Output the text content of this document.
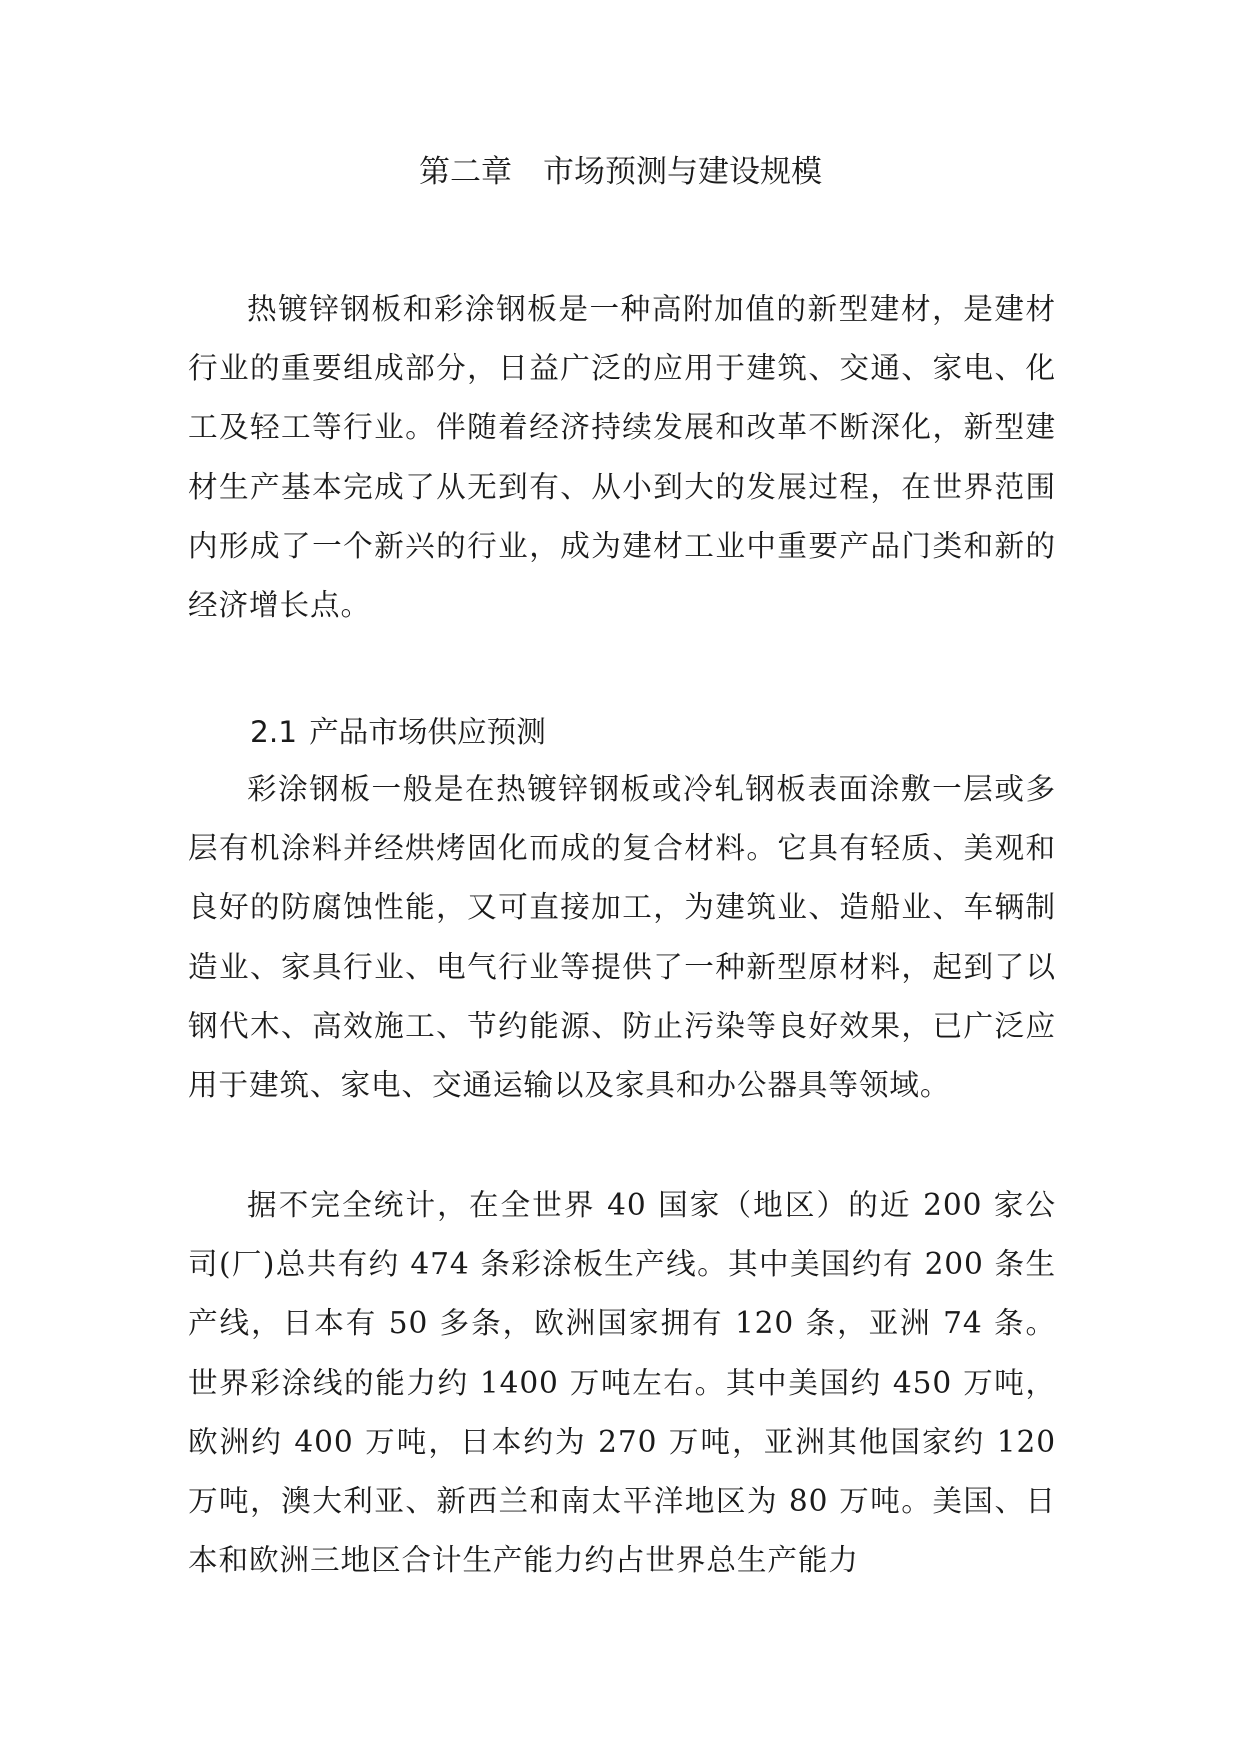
第二章　市场预测与建设规模

热镀锌钢板和彩涂钢板是一种高附加值的新型建材，是建材行业的重要组成部分，日益广泛的应用于建筑、交通、家电、化工及轻工等行业。伴随着经济持续发展和改革不断深化，新型建材生产基本完成了从无到有、从小到大的发展过程，在世界范围内形成了一个新兴的行业，成为建材工业中重要产品门类和新的经济增长点。

2.1 产品市场供应预测

彩涂钢板一般是在热镀锌钢板或冷轧钢板表面涂敷一层或多层有机涂料并经烘烤固化而成的复合材料。它具有轻质、美观和良好的防腐蚀性能，又可直接加工，为建筑业、造船业、车辆制造业、家具行业、电气行业等提供了一种新型原材料，起到了以钢代木、高效施工、节约能源、防止污染等良好效果，已广泛应用于建筑、家电、交通运输以及家具和办公器具等领域。

据不完全统计，在全世界 40 国家（地区）的近 200 家公司(厂)总共有约 474 条彩涂板生产线。其中美国约有 200 条生产线，日本有 50 多条，欧洲国家拥有 120 条，亚洲 74 条。世界彩涂线的能力约 1400 万吨左右。其中美国约 450 万吨，欧洲约 400 万吨，日本约为 270 万吨，亚洲其他国家约 120 万吨，澳大利亚、新西兰和南太平洋地区为 80 万吨。美国、日本和欧洲三地区合计生产能力约占世界总生产能力
